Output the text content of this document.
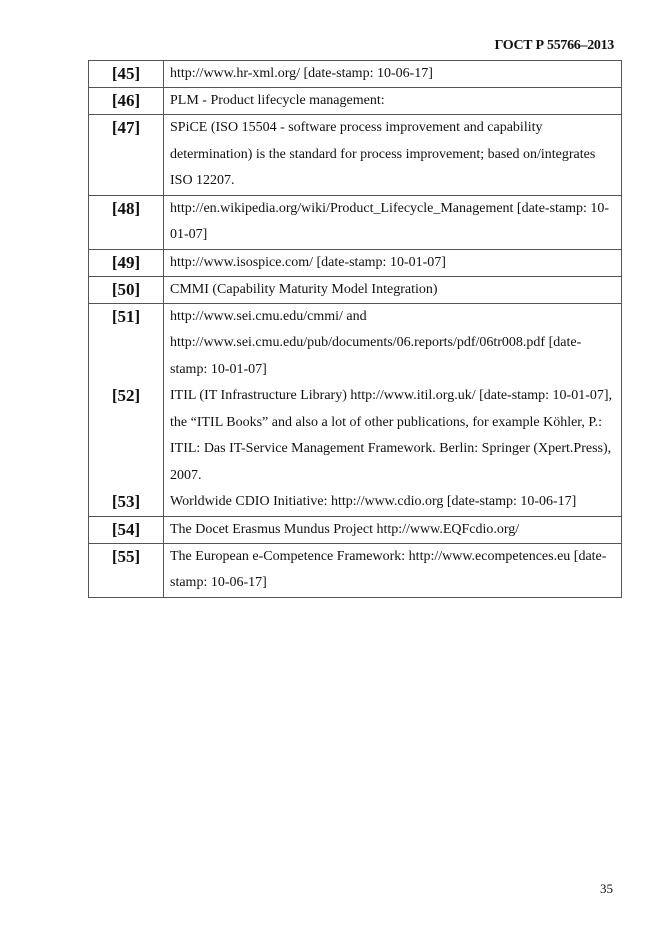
ГОСТ Р 55766–2013
[45]	http://www.hr-xml.org/ [date-stamp: 10-06-17]
[46]	PLM - Product lifecycle management:
[47]	SPiCE (ISO 15504 - software process improvement and capability determination) is the standard for process improvement; based on/integrates ISO 12207.
[48]	http://en.wikipedia.org/wiki/Product_Lifecycle_Management [date-stamp: 10-01-07]
[49]	http://www.isospice.com/ [date-stamp: 10-01-07]
[50]	CMMI (Capability Maturity Model Integration)
[51]	http://www.sei.cmu.edu/cmmi/ and http://www.sei.cmu.edu/pub/documents/06.reports/pdf/06tr008.pdf [date-stamp: 10-01-07]
[52]	ITIL (IT Infrastructure Library) http://www.itil.org.uk/ [date-stamp: 10-01-07], the “ITIL Books” and also a lot of other publications, for example Köhler, P.: ITIL: Das IT-Service Management Framework. Berlin: Springer (Xpert.Press), 2007.
[53]	Worldwide CDIO Initiative: http://www.cdio.org [date-stamp: 10-06-17]
[54]	The Docet Erasmus Mundus Project http://www.EQFcdio.org/
[55]	The European e-Competence Framework: http://www.ecompetences.eu [date-stamp: 10-06-17]
35
